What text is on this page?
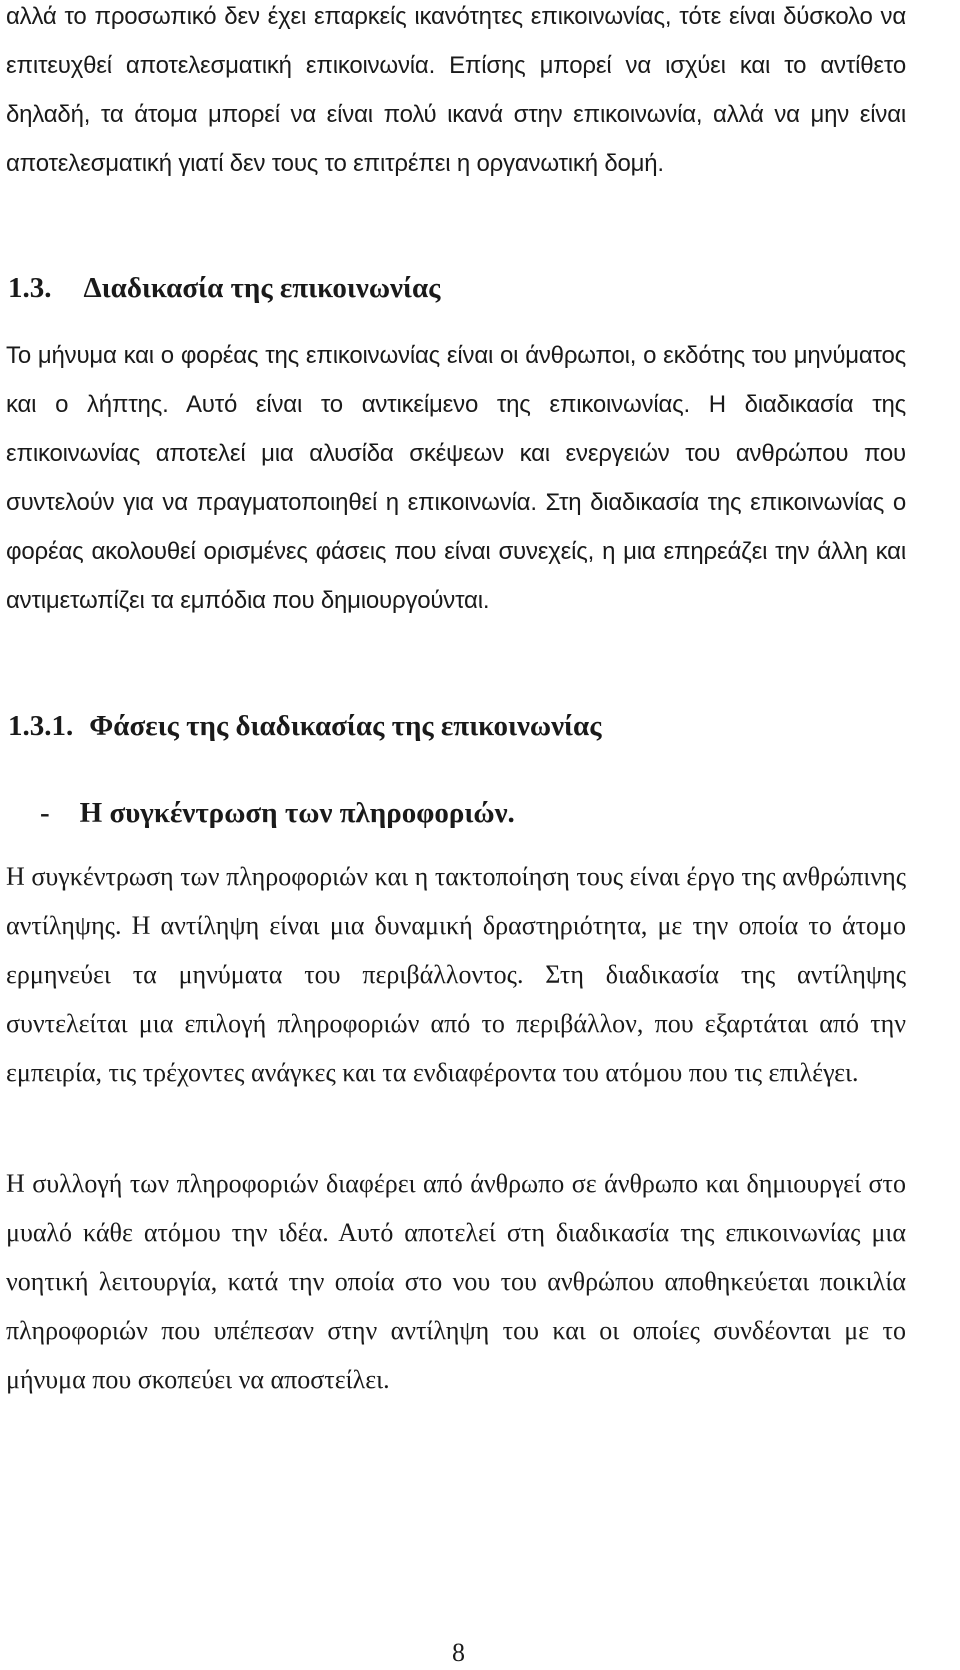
αλλά το προσωπικό δεν έχει επαρκείς ικανότητες επικοινωνίας, τότε είναι δύσκολο να επιτευχθεί αποτελεσματική επικοινωνία. Επίσης μπορεί να ισχύει και το αντίθετο δηλαδή, τα άτομα μπορεί να είναι πολύ ικανά στην επικοινωνία, αλλά να μην είναι αποτελεσματική γιατί δεν τους το επιτρέπει η οργανωτική δομή.

1.3. Διαδικασία της επικοινωνίας

Το μήνυμα και ο φορέας της επικοινωνίας είναι οι άνθρωποι, ο εκδότης του μηνύματος και ο λήπτης. Αυτό είναι το αντικείμενο της επικοινωνίας. Η διαδικασία της επικοινωνίας αποτελεί μια αλυσίδα σκέψεων και ενεργειών του ανθρώπου που συντελούν για να πραγματοποιηθεί η επικοινωνία. Στη διαδικασία της επικοινωνίας ο φορέας ακολουθεί ορισμένες φάσεις που είναι συνεχείς, η μια επηρεάζει την άλλη και αντιμετωπίζει τα εμπόδια που δημιουργούνται.

1.3.1. Φάσεις της διαδικασίας της επικοινωνίας
- Η συγκέντρωση των πληροφοριών.

Η συγκέντρωση των πληροφοριών και η τακτοποίηση τους είναι έργο της ανθρώπινης αντίληψης. Η αντίληψη είναι μια δυναμική δραστηριότητα, με την οποία το άτομο ερμηνεύει τα μηνύματα του περιβάλλοντος. Στη διαδικασία της αντίληψης συντελείται μια επιλογή πληροφοριών από το περιβάλλον, που εξαρτάται από την εμπειρία, τις τρέχοντες ανάγκες και τα ενδιαφέροντα του ατόμου που τις επιλέγει.

Η συλλογή των πληροφοριών διαφέρει από άνθρωπο σε άνθρωπο και δημιουργεί στο μυαλό κάθε ατόμου την ιδέα. Αυτό αποτελεί στη διαδικασία της επικοινωνίας μια νοητική λειτουργία, κατά την οποία στο νου του ανθρώπου αποθηκεύεται ποικιλία πληροφοριών που υπέπεσαν στην αντίληψη του και οι οποίες συνδέονται με το μήνυμα που σκοπεύει να αποστείλει.

8
